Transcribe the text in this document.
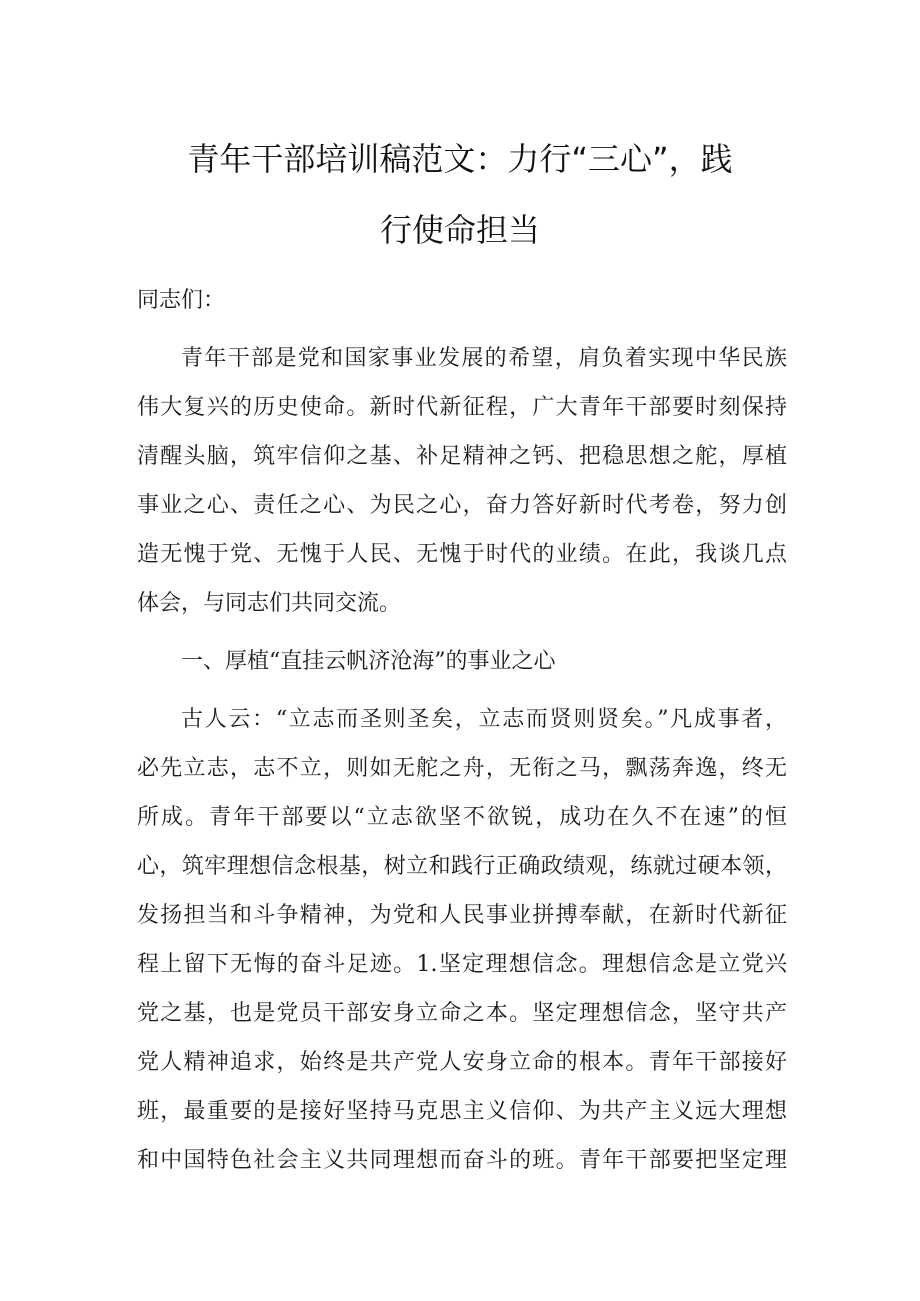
青年干部培训稿范文：力行“三心”，践
行使命担当
同志们：
青年干部是党和国家事业发展的希望，肩负着实现中华民族
伟大复兴的历史使命。新时代新征程，广大青年干部要时刻保持
清醒头脑，筑牢信仰之基、补足精神之钙、把稳思想之舵，厚植
事业之心、责任之心、为民之心，奋力答好新时代考卷，努力创
造无愧于党、无愧于人民、无愧于时代的业绩。在此，我谈几点
体会，与同志们共同交流。
一、厚植“直挂云帆济沧海”的事业之心
古人云：“立志而圣则圣矣，立志而贤则贤矣。”凡成事者，
必先立志，志不立，则如无舵之舟，无衔之马，飘荡奔逸，终无
所成。青年干部要以“立志欲坚不欲锐，成功在久不在速”的恒
心，筑牢理想信念根基，树立和践行正确政绩观，练就过硬本领，
发扬担当和斗争精神，为党和人民事业拼搏奉献，在新时代新征
程上留下无悔的奋斗足迹。1.坚定理想信念。理想信念是立党兴
党之基，也是党员干部安身立命之本。坚定理想信念，坚守共产
党人精神追求，始终是共产党人安身立命的根本。青年干部接好
班，最重要的是接好坚持马克思主义信仰、为共产主义远大理想
和中国特色社会主义共同理想而奋斗的班。青年干部要把坚定理
